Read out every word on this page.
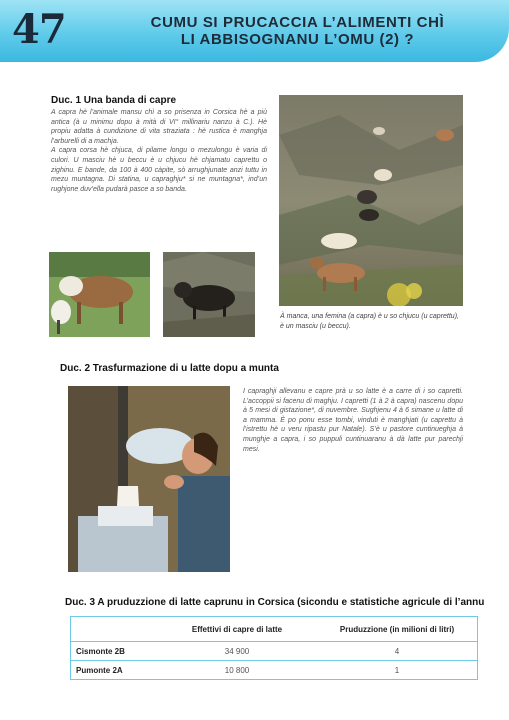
47	CUMU SI PRUCACCIA L’ALIMENTI CHÌ
LI ABBISOGNANU L’OMU (2) ?
Duc. 1 Una banda di capre

A capra hè l’animale mansu chì a so prisenza in Corsica hè a più antica (à u minimu dopu à mità di VI° millinariu nanzu à C.). Hè propiu adatta à cundizione di vita straziata : hè rustica è manghja l’arburelli di a machja.

A capra corsa hè chjuca, di pilame longu o mezulongu è varia di culori. U masciu hè u beccu è u chjucu hè chjamatu caprettu o zighinu. E bande, da 100 à 400 càpite, sò arrughjunate anzi tuttu in mezu muntagna. Di statina, u capraghju* si ne muntagna*, ind’un rughjone duv’ella pudarà pasce a so banda.

À manca, una femina (a capra) è u so chjucu (u caprettu), è un masciu (u beccu).
Duc. 2 Trasfurmazione di u latte dopu a munta
I capraghji allevanu e capre prà u so latte è a carre di i so capretti. L’accoppii si facenu di maghju. I capretti (1 à 2 à capra) nascenu dopu à 5 mesi di gistazione*, di nuvembre. Sughjenu 4 à 6 simane u latte di a mamma. È po ponu esse tombi, vinduti è manghjati (u caprettu à l’istrettu hè u veru ripastu pur Natale). S’è u pastore cuntinueghja à munghje a capra, i so puppuli cuntinuaranu à dà latte pur parechji mesi.
Duc. 3 A pruduzzione di latte caprunu in Corsica (sicondu e statistiche agricule di l’annu
	Effettivi di capre di latte	Pruduzzione (in milioni di litri)
Cismonte 2B	34 900	4
Pumonte 2A	10 800	1
